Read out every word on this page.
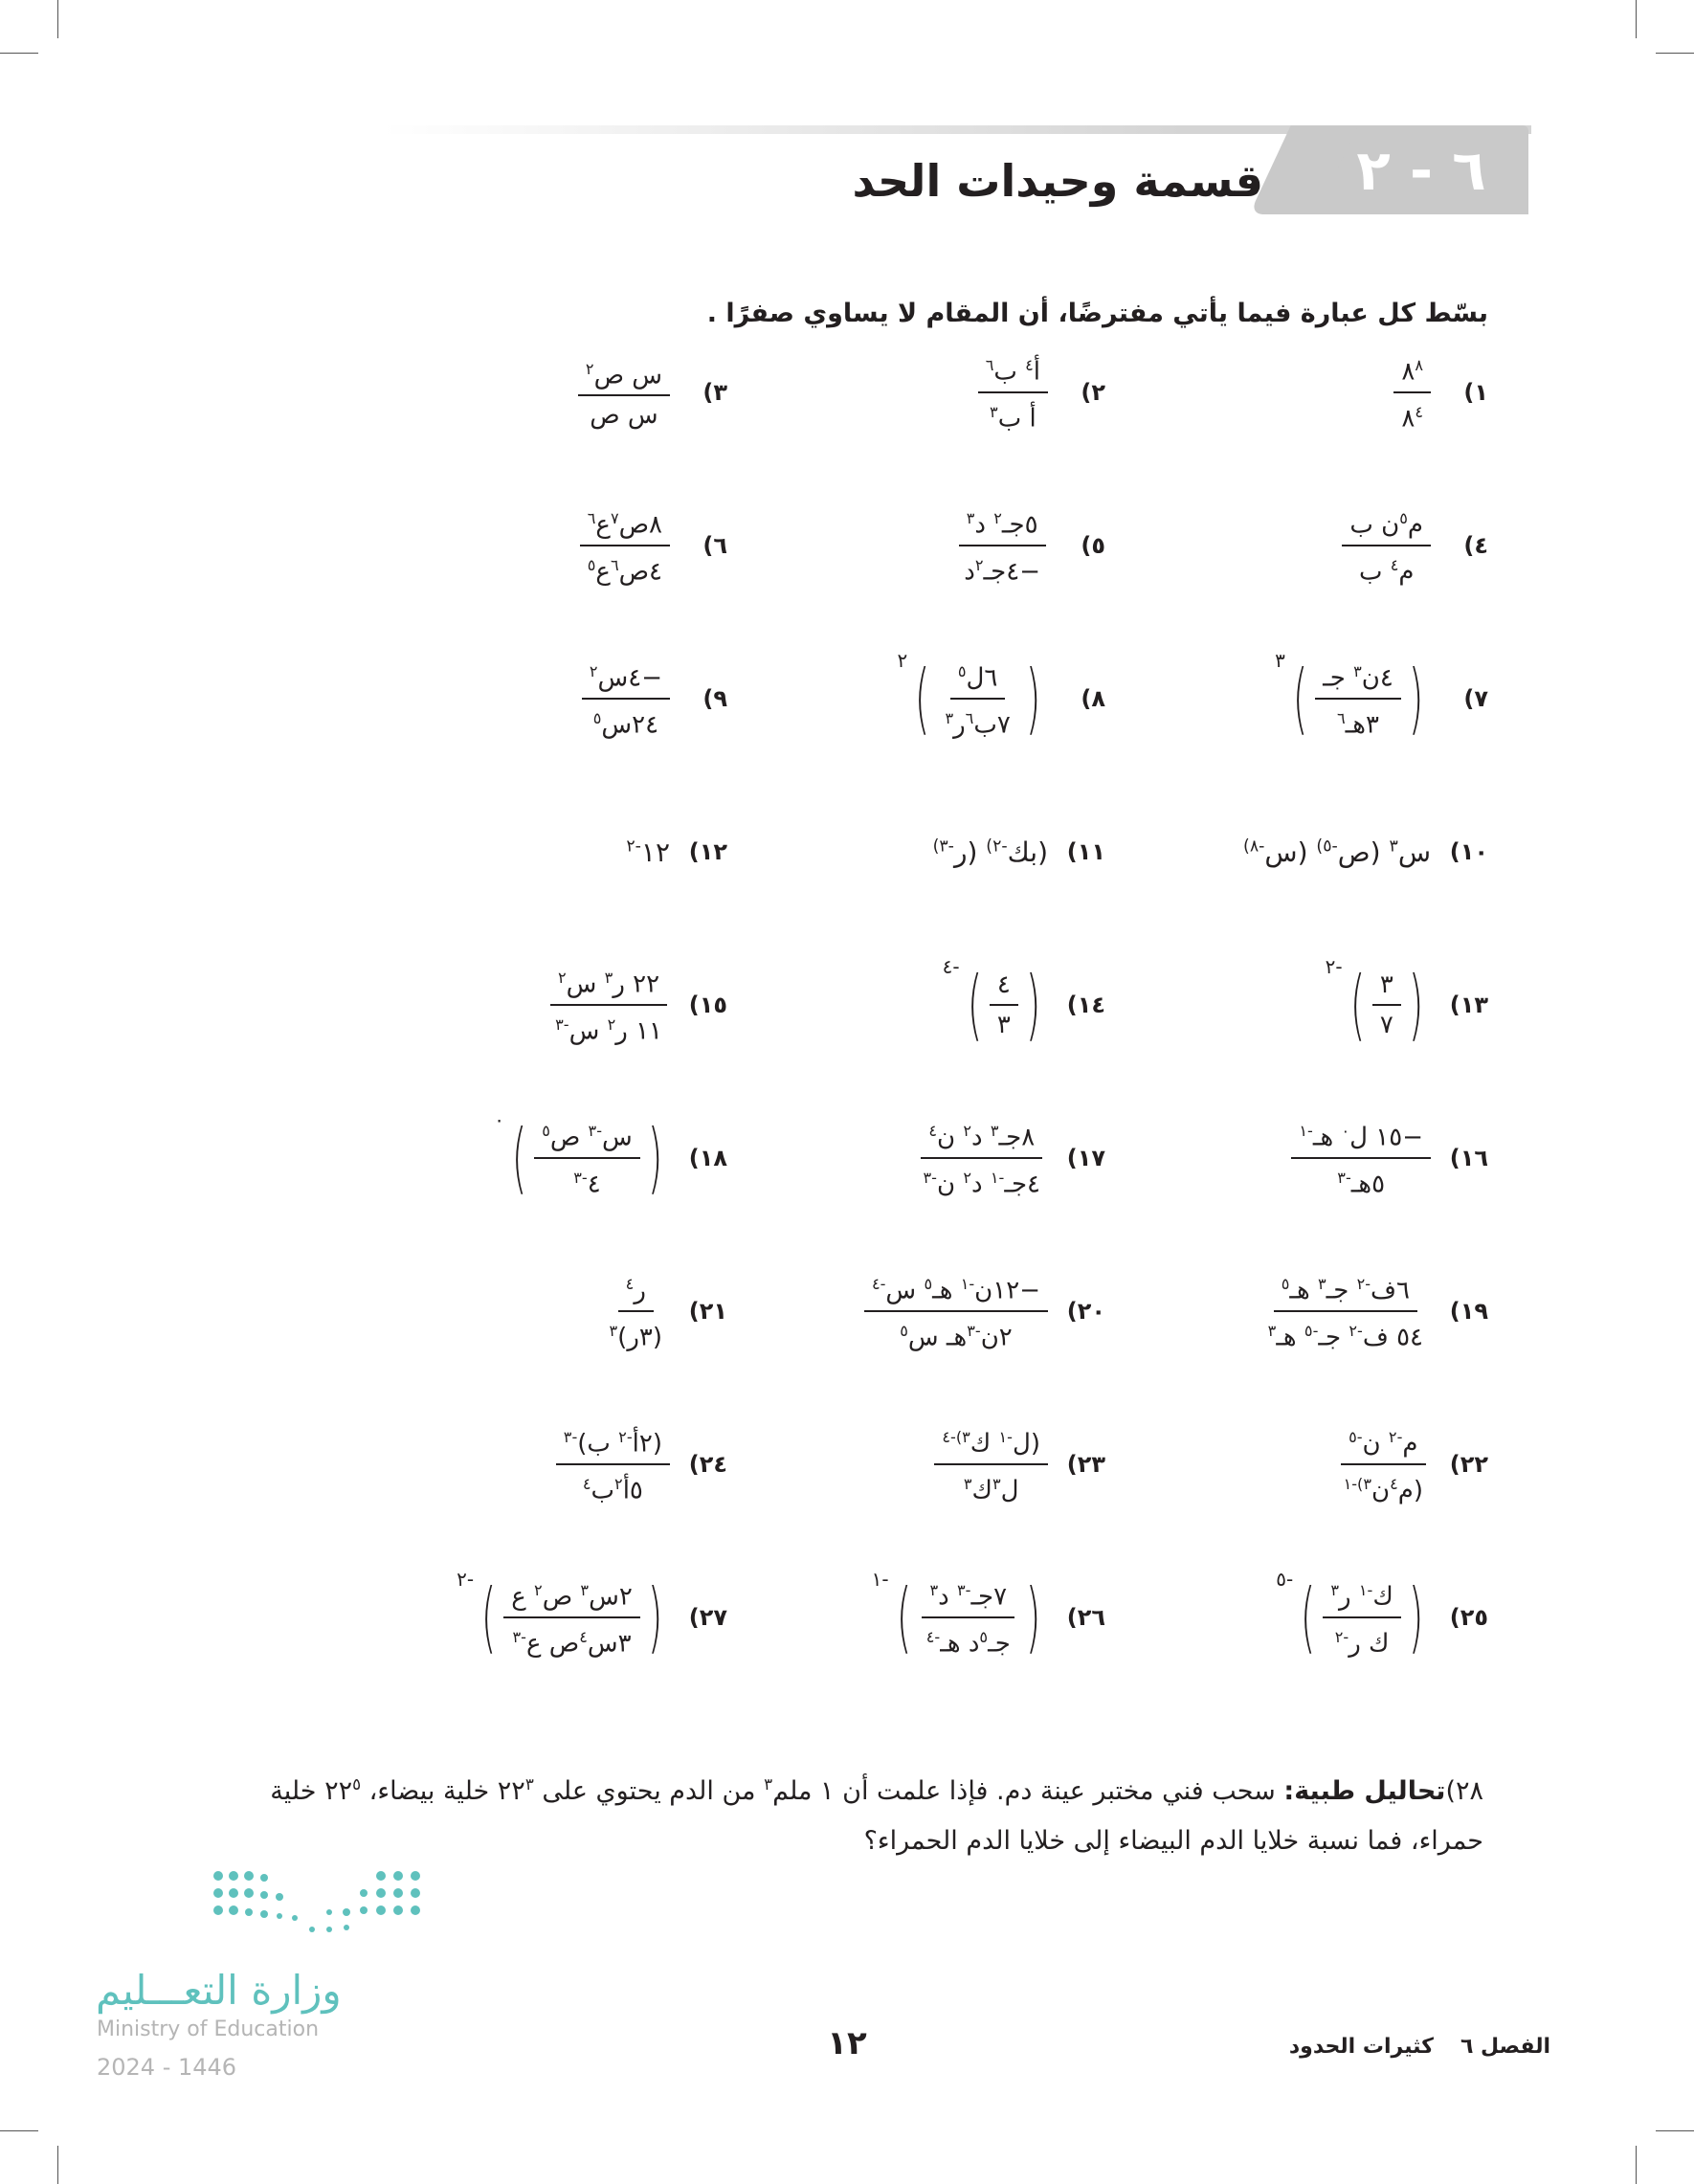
٦ - ٢
قسمة وحيدات الحد
بسّط كل عبارة فيما يأتي مفترضًا، أن المقام لا يساوي صفرًا .
١)
$\frac{٨^٨}{٨^٤}$
٢)
$\frac{أ^٤ ب^٦}{أ ب^٣}$
٣)
$\frac{س ص^٢}{\text{س ص}}$
٤)
$\frac{م^٥ن ب}{م^٤ ب}$
٥)
$\frac{٥جـ^٢ د^٣}{-٤جـ^٢د}$
٦)
$\frac{٨ص^٧ع^٦}{٤ص^٦ع^٥}$
٧)
(
$\frac{٤ن^٣ جـ}{٣هـ^٦}$
)
٣
٨)
(
$\frac{٦ل^٥}{٧ب^٦ر^٣}$
)
٢
٩)
$\frac{-٤س^٢}{٢٤س^٥}$
١٠)
س$^٣$ (ص$^{-٥)}$ (س$^{-٨)}$
١١)
(بك$^{-٢)}$ (ر$^{-٣)}$
١٢)
$١٢^{-٢}$
١٣)
(
$\frac{٣}{٧}$
)
-٢
١٤)
(
$\frac{٤}{٣}$
)
-٤
١٥)
$\frac{٢٢ ر^٣ س^٢}{١١ ر^٢ س^{-٣}}$
١٦)
$\frac{-١٥ ل^٠ هـ^{-١}}{٥هـ^{-٣}}$
١٧)
$\frac{٨جـ^٣ د^٢ ن^٤}{٤جـ^{-١} د^٢ ن^{-٣}}$
١٨)
(
$\frac{س^{-٣} ص^٥}{٤^{-٣}}$
)
٠
١٩)
$\frac{٦ف^{-٢} جـ^٣ هـ^٥}{٥٤ ف^{-٢} جـ^{-٥} هـ^٣}$
٢٠)
$\frac{-١٢ن^{-١} هـ^٥ س^{-٤}}{٢ن^{-٣}هـ س^٥}$
٢١)
$\frac{ر^٤}{(٣ر)^٣}$
٢٢)
$\frac{م^{-٢} ن^{-٥}}{(م^٤ن^{٣)-١}}$
٢٣)
$\frac{(ل^{-١} ك^{٣)-٤}}{ل^٣ك^٣}$
٢٤)
$\frac{(٢أ^{-٢} ب)^{-٣}}{٥أ^٢ب^٤}$
٢٥)
(
$\frac{ك^{-١} ر^٣}{ك ر^{-٢}}$
)
-٥
٢٦)
(
$\frac{٧جـ^{-٣} د^٣}{جـ^٥د هـ^{-٤}}$
)
-١
٢٧)
(
$\frac{٢س^٣ ص^٢ ع}{٣س^٤ص ع^{-٣}}$
)
-٢
٢٨)تحاليل طبية: سحب فني مختبر عينة دم. فإذا علمت أن ١ ملم$^٣$ من الدم يحتوي على $٢٢^٣$ خلية بيضاء، $٢٢^٥$ خلية حمراء، فما نسبة خلايا الدم البيضاء إلى خلايا الدم الحمراء؟
وزارة التعـــليم
Ministry of Education
2024 - 1446
١٢	الفصل ٦كثيرات الحدود
